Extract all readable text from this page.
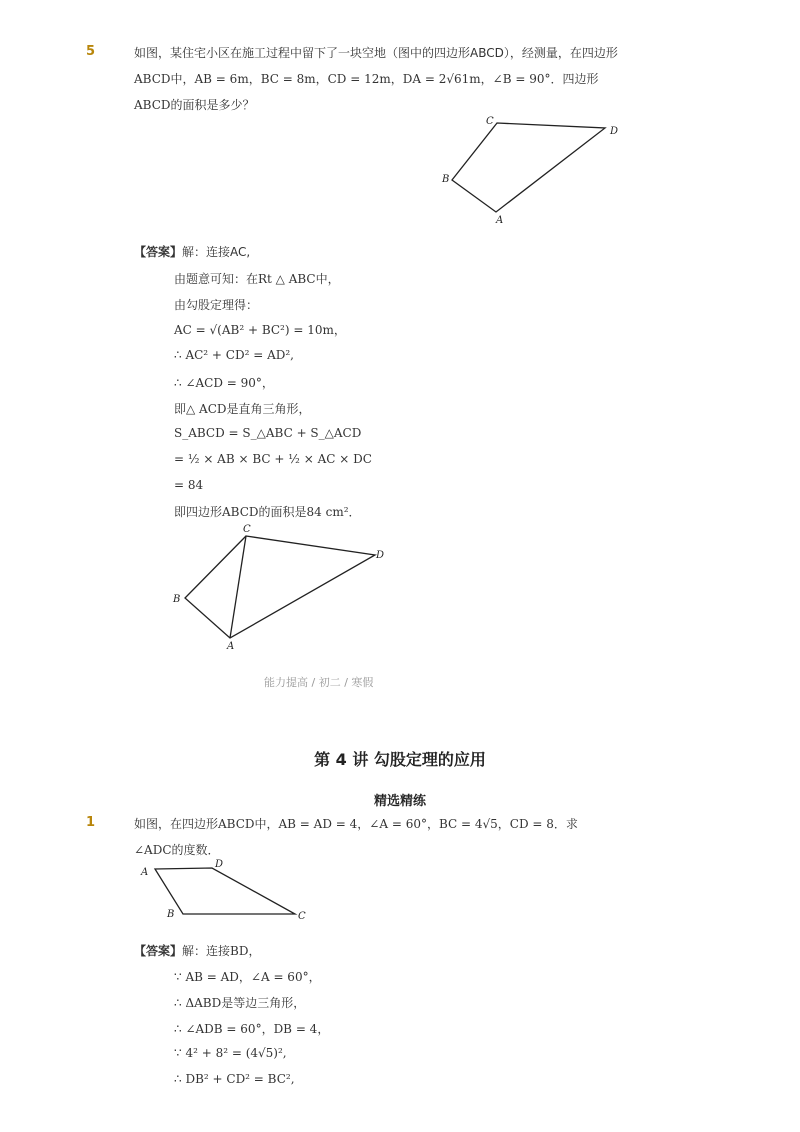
5	如图，某住宅小区在施工过程中留下了一块空地（图中的四边形ABCD），经测量，在四边形
ABCD中，AB = 6m，BC = 8m，CD = 12m，DA = 2√61m，∠B = 90°．四边形
ABCD的面积是多少？
C
D
B
A
【答案】解：连接AC,
由题意可知：在Rt △ ABC中，
由勾股定理得：
AC = √(AB² + BC²) = 10m，
∴ AC² + CD² = AD²,
∴ ∠ACD = 90°，
即△ ACD是直角三角形，
S_ABCD = S_△ABC + S_△ACD
= ½ × AB × BC + ½ × AC × DC
= 84
即四边形ABCD的面积是84 cm²．
C
D
B
A
能力提高 / 初二 / 寒假
第 4 讲 勾股定理的应用
精选精练
1	如图，在四边形ABCD中，AB = AD = 4，∠A = 60°，BC = 4√5，CD = 8．求
∠ADC的度数．
A
D
B	C
【答案】解：连接BD，
∵ AB = AD，∠A = 60°，
∴ ΔABD是等边三角形，
∴ ∠ADB = 60°，DB = 4，
∵ 4² + 8² = (4√5)²,
∴ DB² + CD² = BC²,
